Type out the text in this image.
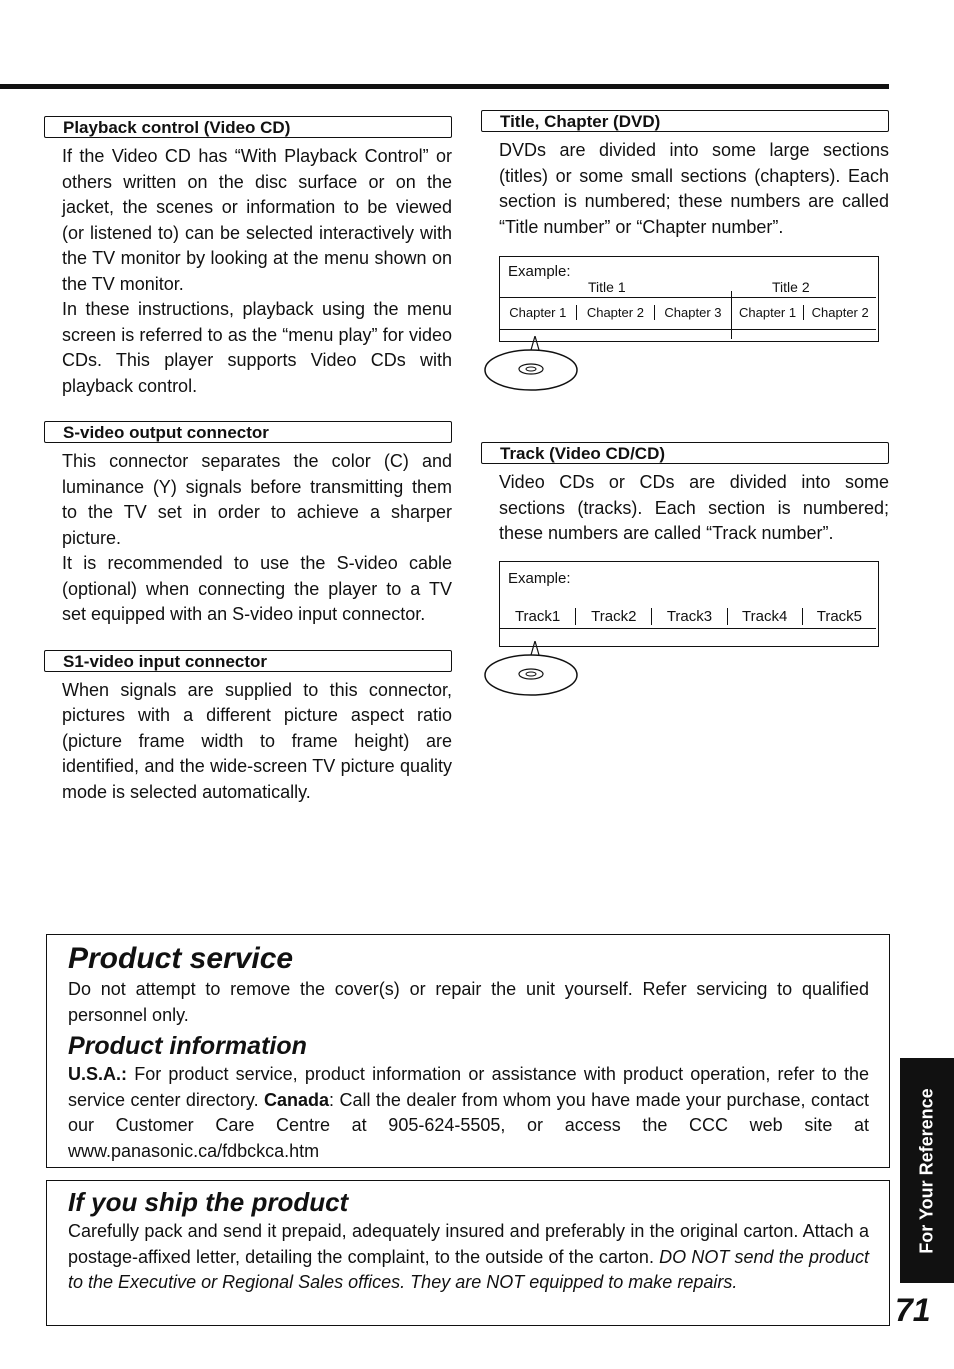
Playback control (Video CD)

If the Video CD has “With Playback Control” or others written on the disc surface or on the jacket, the scenes or information to be viewed (or listened to) can be selected interactively with the TV monitor by looking at the menu shown on the TV monitor.

In these instructions, playback using the menu screen is referred to as the “menu play” for video CDs. This player supports Video CDs with playback control.

S-video output connector

This connector separates the color (C) and luminance (Y) signals before transmitting them to the TV set in order to achieve a sharper picture.

It is recommended to use the S-video cable (optional) when connecting the player to a TV set equipped with an S-video input connector.

S1-video input connector

When signals are supplied to this connector, pictures with a different picture aspect ratio (picture frame width to frame height) are identified, and the wide-screen TV picture quality mode is selected automatically.

Title, Chapter (DVD)

DVDs are divided into some large sections (titles) or some small sections (chapters). Each section is numbered; these numbers are called “Title number” or “Chapter number”.

Example:
Title 1	Title 2
Chapter 1	Chapter 2	Chapter 3	Chapter 1	Chapter 2
Track (Video CD/CD)

Video CDs or CDs are divided into some sections (tracks). Each section is numbered; these numbers are called “Track number”.

Example:
Track1	Track2	Track3	Track4	Track5
Product service

Do not attempt to remove the cover(s) or repair the unit yourself. Refer servicing to qualified personnel only.

Product information

U.S.A.: For product service, product information or assistance with product operation, refer to the service center directory. Canada: Call the dealer from whom you have made your purchase, contact our Customer Care Centre at 905-624-5505, or access the CCC web site at www.panasonic.ca/fdbckca.htm

If you ship the product

Carefully pack and send it prepaid, adequately insured and preferably in the original carton. Attach a postage-affixed letter, detailing the complaint, to the outside of the carton. DO NOT send the product to the Executive or Regional Sales offices. They are NOT equipped to make repairs.

For Your Reference
71
